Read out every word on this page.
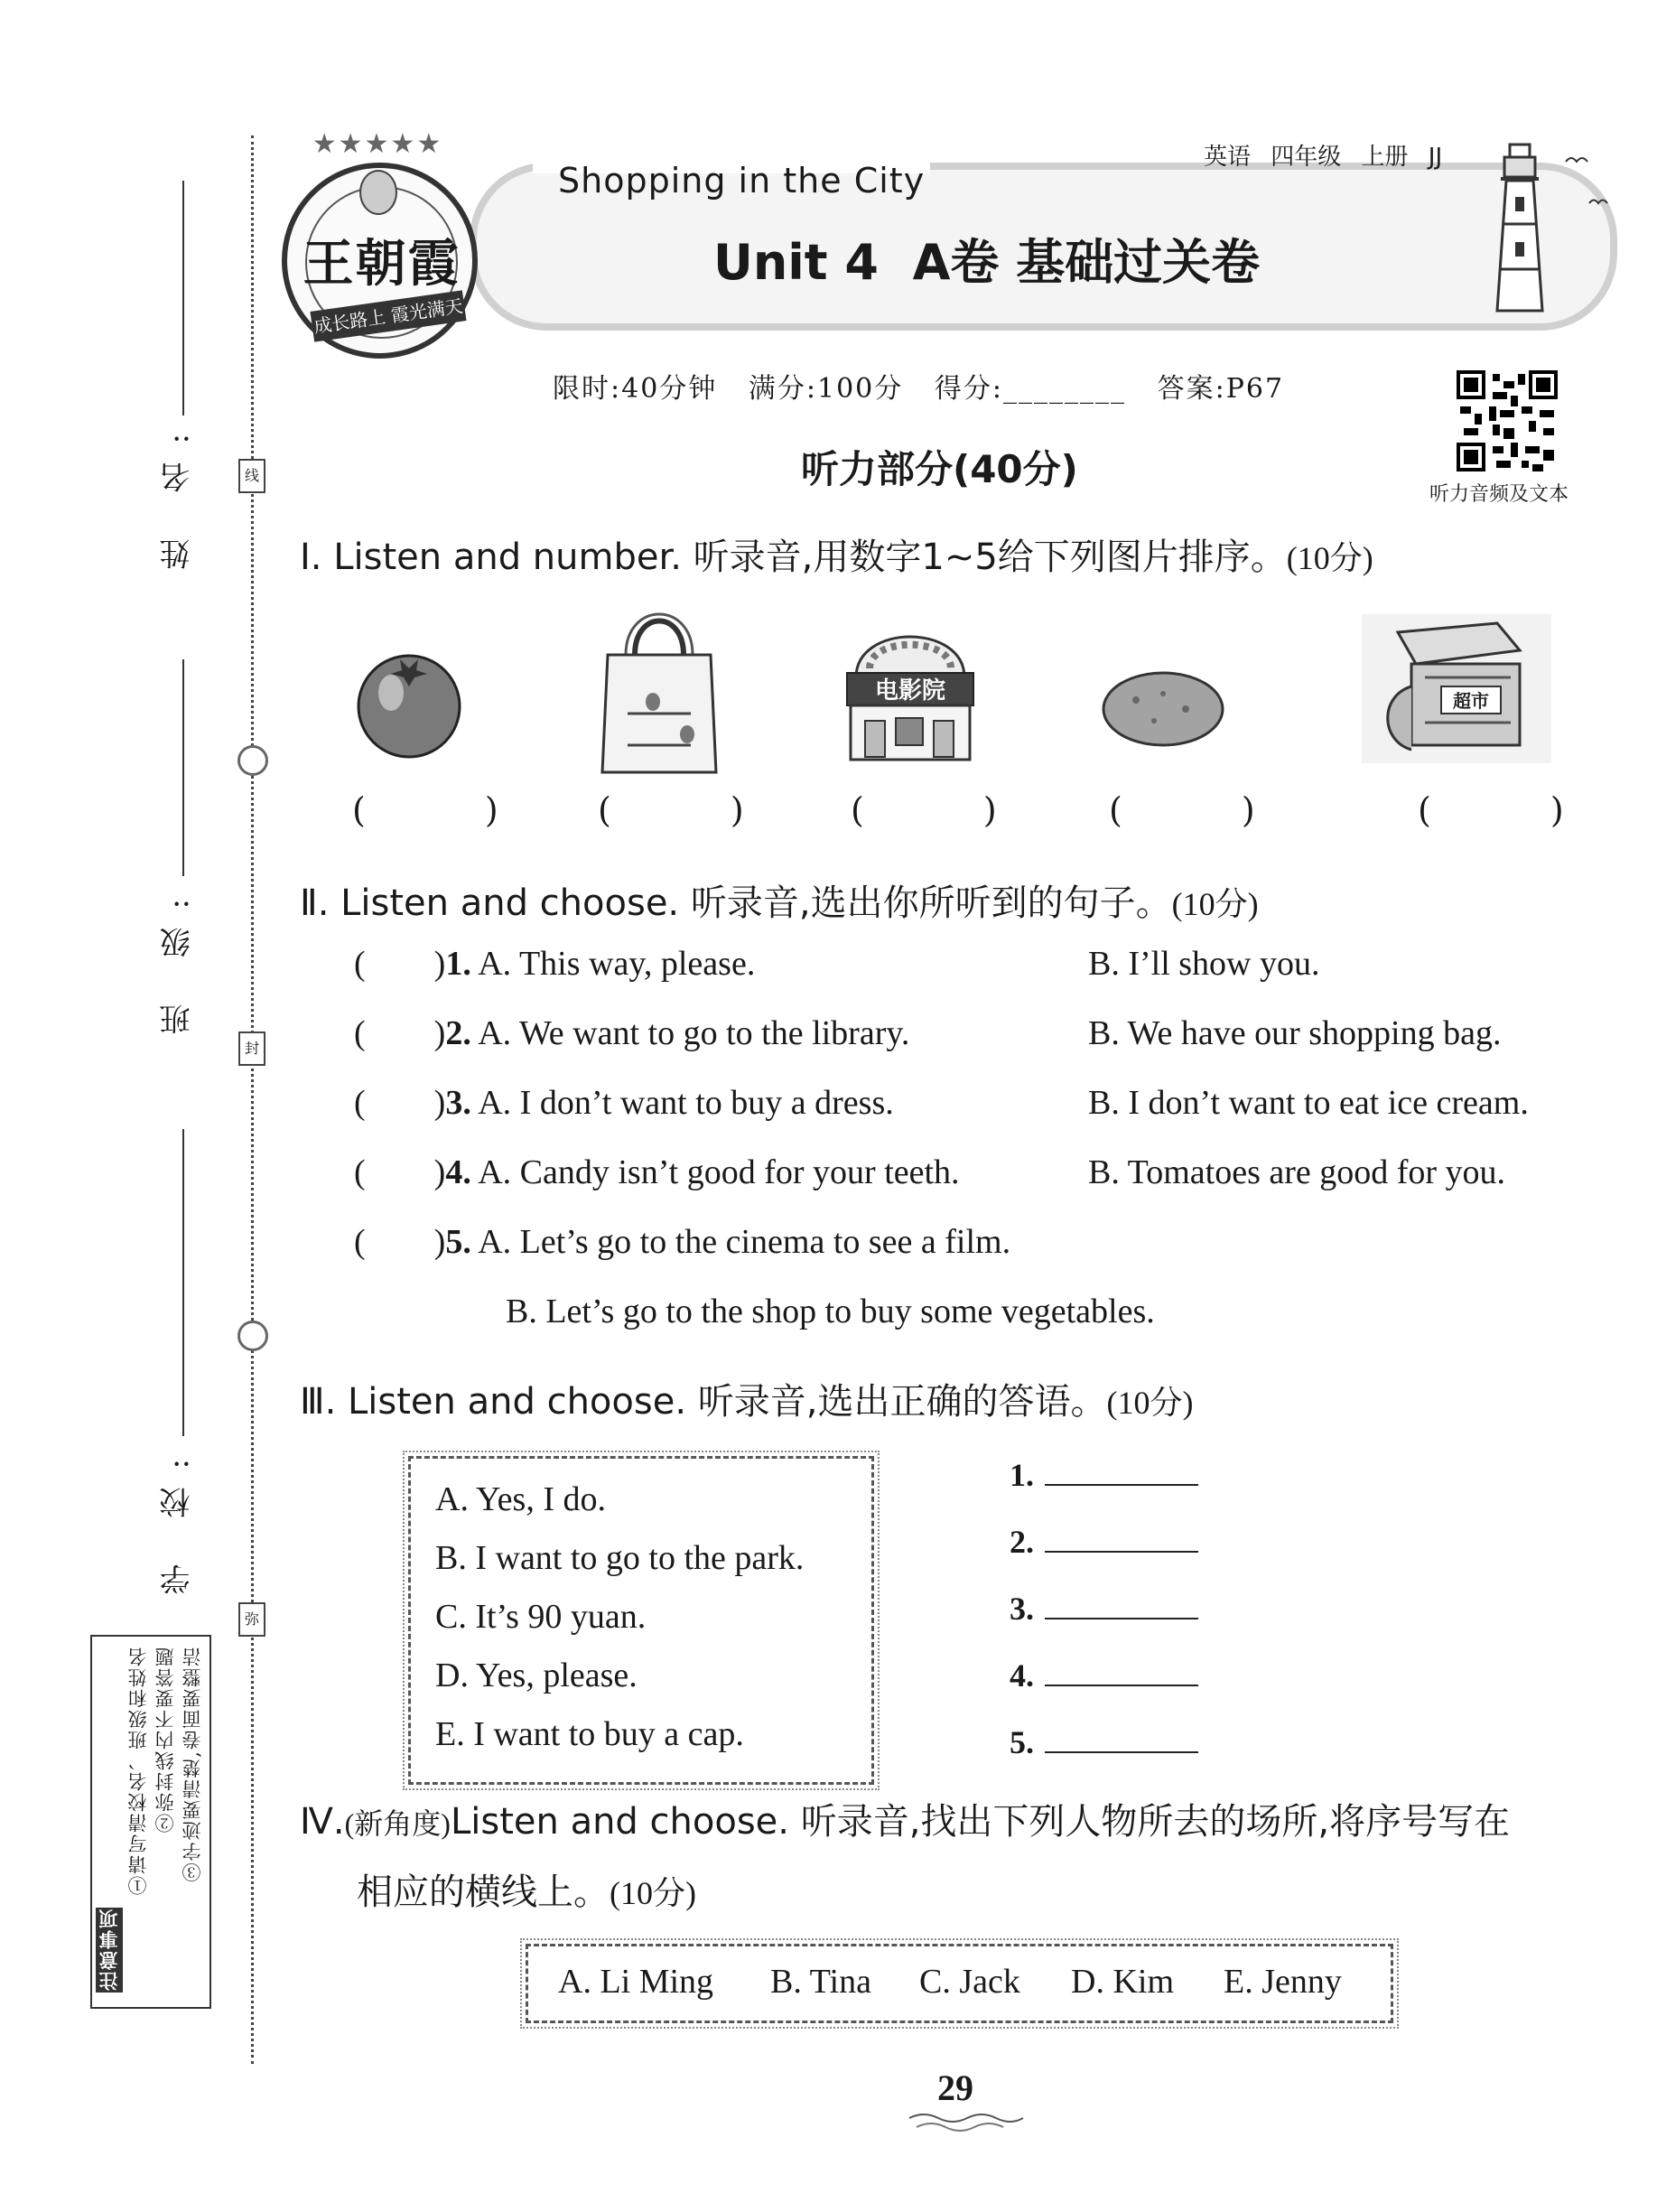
线
封
弥
姓 名:
班 级:
学 校:
注意事项
①请写清校名、班级和姓名 ②弥封线内不要答题 ③字迹要清楚,卷面要整洁
★★★★★
王朝霞
成长路上 霞光满天
Shopping in the City
英语 四年级 上册 JJ
Unit 4  A卷 基础过关卷
限时:40分钟   满分:100分   得分:________   答案:P67
听力音频及文本
听力部分(40分)
Ⅰ. Listen and number. 听录音,用数字1~5给下列图片排序。(10分)
电影院	超市
( ) ( ) ( ) ( )	( )
Ⅱ. Listen and choose. 听录音,选出你所听到的句子。(10分)
(        )1. A. This way, please.	B. I’ll show you.
(        )2. A. We want to go to the library.	B. We have our shopping bag.
(        )3. A. I don’t want to buy a dress.	B. I don’t want to eat ice cream.
(        )4. A. Candy isn’t good for your teeth.	B. Tomatoes are good for you.
(        )5. A. Let’s go to the cinema to see a film.
B. Let’s go to the shop to buy some vegetables.
Ⅲ. Listen and choose. 听录音,选出正确的答语。(10分)
A. Yes, I do.
B. I want to go to the park.
C. It’s 90 yuan.
D. Yes, please.
E. I want to buy a cap.
1.
2.
3.
4.
5.
Ⅳ.(新角度)Listen and choose. 听录音,找出下列人物所去的场所,将序号写在
相应的横线上。(10分)
A. Li Ming B. Tina C. Jack D. Kim E. Jenny
29
